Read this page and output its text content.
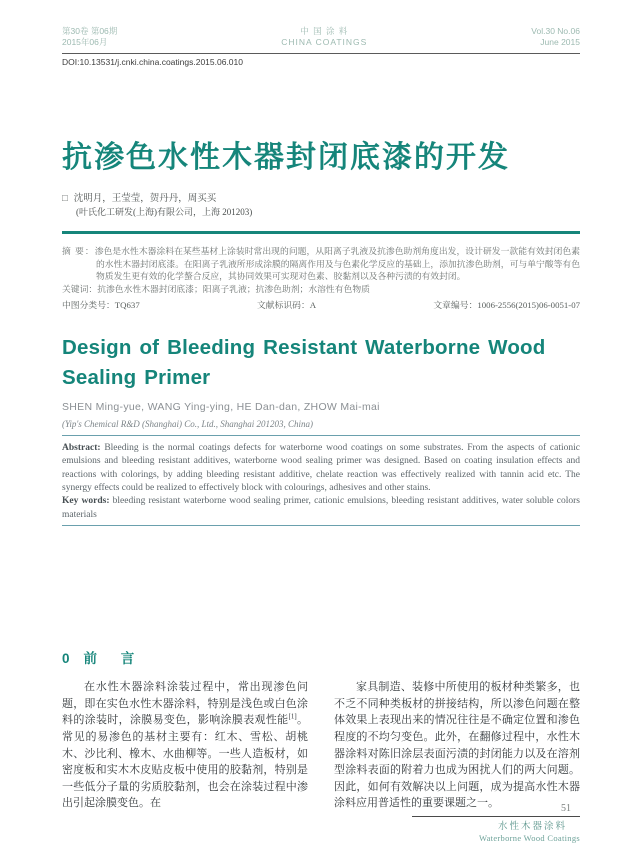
第30卷 第06期
2015年06月
中 国 涂 料
CHINA COATINGS
Vol.30 No.06
June 2015
DOI:10.13531/j.cnki.china.coatings.2015.06.010
抗渗色水性木器封闭底漆的开发
□ 沈明月，王莹莹，贺丹丹，周买买
(叶氏化工研发(上海)有限公司，上海 201203)

摘 要：渗色是水性木器涂料在某些基材上涂装时常出现的问题，从阳离子乳液及抗渗色助剂角度出发，设计研发一款能有效封闭色素的水性木器封闭底漆。在阳离子乳液所形成涂膜的隔离作用及与色素化学反应的基础上，添加抗渗色助剂，可与单宁酸等有色物质发生更有效的化学螯合反应，其协同效果可实现对色素、胶黏剂以及各种污渍的有效封闭。

关键词：抗渗色水性木器封闭底漆；阳离子乳液；抗渗色助剂；水溶性有色物质

中图分类号：TQ637	文献标识码：A	文章编号：1006-2556(2015)06-0051-07
Design of Bleeding Resistant Waterborne Wood Sealing Primer
SHEN Ming-yue, WANG Ying-ying, HE Dan-dan, ZHOW Mai-mai
(Yip's Chemical R&D (Shanghai) Co., Ltd., Shanghai 201203, China)

Abstract: Bleeding is the normal coatings defects for waterborne wood coatings on some substrates. From the aspects of cationic emulsions and bleeding resistant additives, waterborne wood sealing primer was designed. Based on coating insulation effects and reactions with colorings, by adding bleeding resistant additive, chelate reaction was effectively realized with tannin acid etc. The synergy effects could be realized to effectively block with colourings, adhesives and other stains.

Key words: bleeding resistant waterborne wood sealing primer, cationic emulsions, bleeding resistant additives, water soluble colors materials

0 前 言

在水性木器涂料涂装过程中，常出现渗色问题，即在实色水性木器涂料，特别是浅色或白色涂料的涂装时，涂膜易变色，影响涂膜表观性能[1]。常见的易渗色的基材主要有：红木、雪松、胡桃木、沙比利、橡木、水曲柳等。一些人造板材，如密度板和实木木皮贴皮板中使用的胶黏剂，特别是一些低分子量的劣质胶黏剂，也会在涂装过程中渗出引起涂膜变色。在

家具制造、装修中所使用的板材种类繁多，也不乏不同种类板材的拼接结构，所以渗色问题在整体效果上表现出来的情况往往是不确定位置和渗色程度的不均匀变色。此外，在翻修过程中，水性木器涂料对陈旧涂层表面污渍的封闭能力以及在溶剂型涂料表面的附着力也成为困扰人们的两大问题。因此，如何有效解决以上问题，成为提高水性木器涂料应用普适性的重要课题之一。	51
水性木器涂料
Waterborne Wood Coatings
